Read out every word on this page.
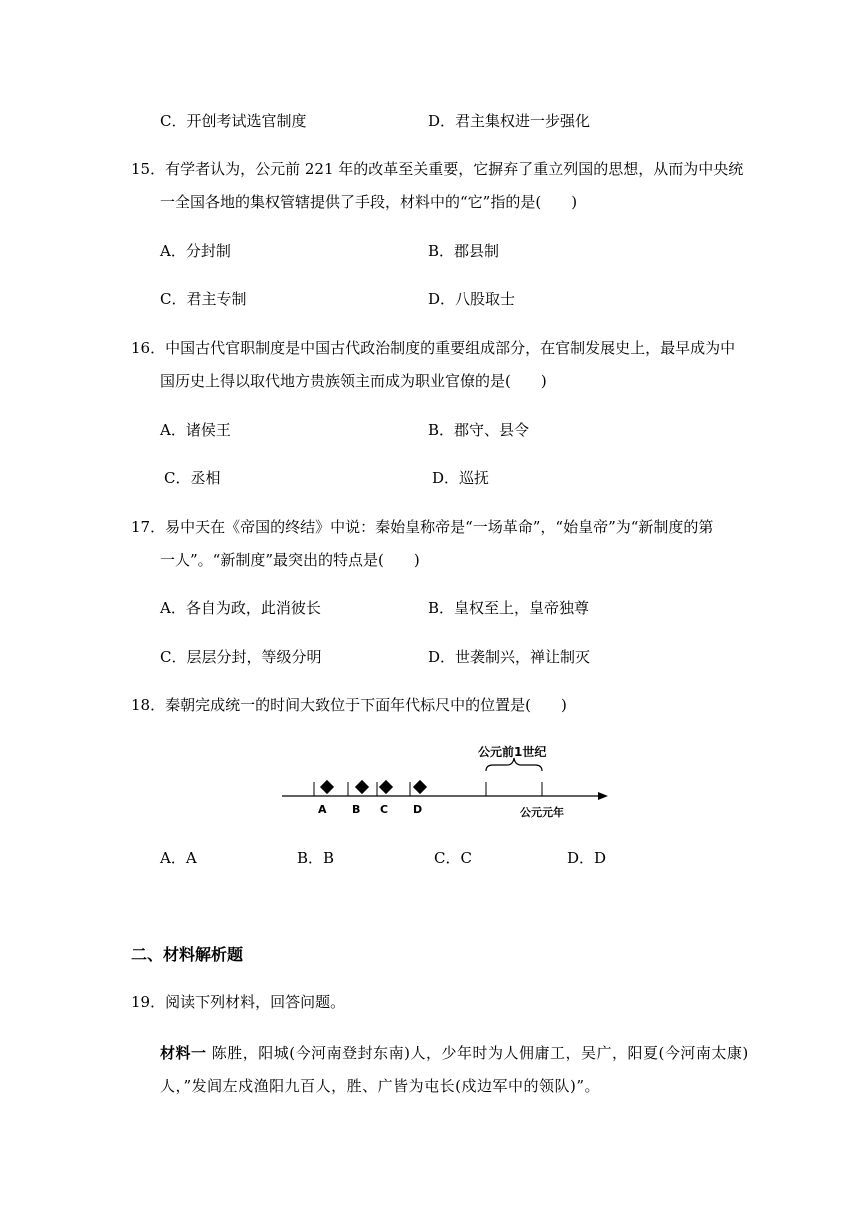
C．开创考试选官制度	D．君主集权进一步强化
15．有学者认为，公元前 221 年的改革至关重要，它摒弃了重立列国的思想，从而为中央统
一全国各地的集权管辖提供了手段，材料中的“它”指的是(　　)
A．分封制	B．郡县制
C．君主专制	D．八股取士
16．中国古代官职制度是中国古代政治制度的重要组成部分，在官制发展史上，最早成为中
国历史上得以取代地方贵族领主而成为职业官僚的是(　　)
A．诸侯王	B．郡守、县令
C．丞相	D．巡抚
17．易中天在《帝国的终结》中说：秦始皇称帝是“一场革命”，“始皇帝”为“新制度的第
一人”。“新制度”最突出的特点是(　　)
A．各自为政，此消彼长	B．皇权至上，皇帝独尊
C．层层分封，等级分明	D．世袭制兴，禅让制灭
18．秦朝完成统一的时间大致位于下面年代标尺中的位置是(　　)
公元前1世纪
A B C D	公元元年
A．A	B．B	C．C	D．D
二、材料解析题
19．阅读下列材料，回答问题。
材料一 陈胜，阳城(今河南登封东南)人，少年时为人佣庸工，吴广，阳夏(今河南太康)
人，”发闾左戍渔阳九百人，胜、广皆为屯长(戍边军中的领队)”。
